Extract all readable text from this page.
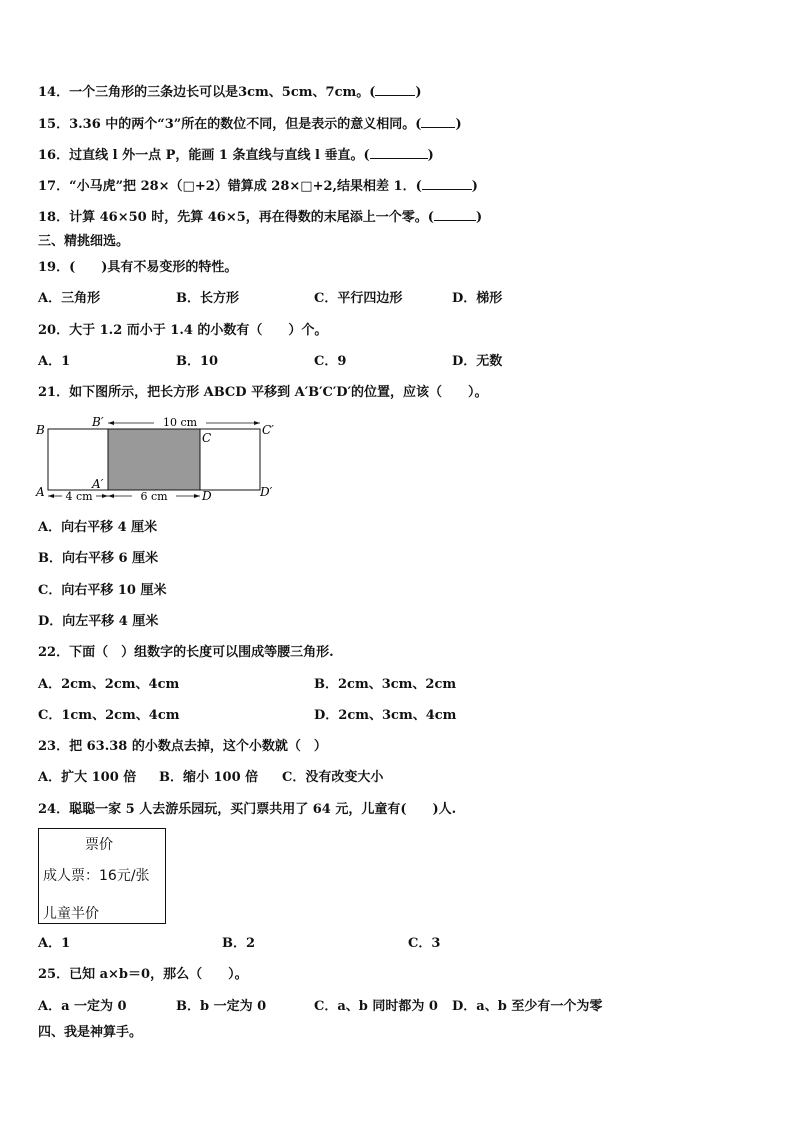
14．一个三角形的三条边长可以是3cm、5cm、7cm。(	)
15．3.36 中的两个“3”所在的数位不同，但是表示的意义相同。(	)
16．过直线 l 外一点 P，能画 1 条直线与直线 l 垂直。(	)
17．“小马虎”把 28×（□+2）错算成 28×□+2,结果相差 1．(	)
18．计算 46×50 时，先算 46×5，再在得数的末尾添上一个零。(	)
三、精挑细选。
19．(　　)具有不易变形的特性。
A．三角形	B．长方形	C．平行四边形	D．梯形
20．大于 1.2 而小于 1.4 的小数有（　　）个。
A．1	B．10	C．9	D．无数
21．如下图所示，把长方形 ABCD 平移到 A′B′C′D′的位置，应该（　　）。
10 cm
4 cm	6 cm
B
B′
C
C′
A
A′
D	D′
A．向右平移 4 厘米
B．向右平移 6 厘米
C．向右平移 10 厘米
D．向左平移 4 厘米
22．下面（　）组数字的长度可以围成等腰三角形.
A．2cm、2cm、4cm	B．2cm、3cm、2cm
C．1cm、2cm、4cm	D．2cm、3cm、4cm
23．把 63.38 的小数点去掉，这个小数就（　）
A．扩大 100 倍 B．缩小 100 倍 C．没有改变大小
24．聪聪一家 5 人去游乐园玩，买门票共用了 64 元，儿童有(　　)人.
票价
成人票：16元/张
儿童半价
A．1	B．2	C．3
25．已知 a×b＝0，那么（　　）。
A．a 一定为 0	B．b 一定为 0	C．a、b 同时都为 0 D．a、b 至少有一个为零
四、我是神算手。
